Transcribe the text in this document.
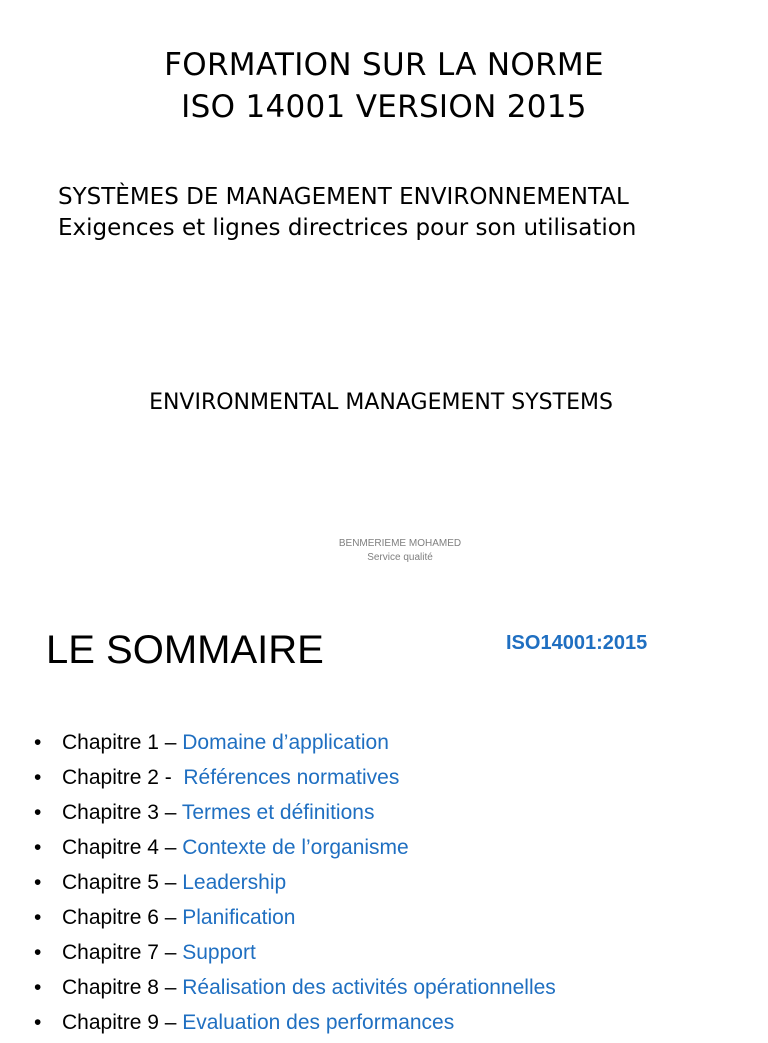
FORMATION SUR LA NORME
ISO 14001 VERSION 2015
SYSTÈMES DE MANAGEMENT ENVIRONNEMENTAL
Exigences et lignes directrices pour son utilisation
ENVIRONMENTAL MANAGEMENT SYSTEMS
BENMERIEME MOHAMED
Service qualité
LE SOMMAIRE	ISO14001:2015
• Chapitre 1 – Domaine d’application
• Chapitre 2 -  Références normatives
• Chapitre 3 – Termes et définitions
• Chapitre 4 – Contexte de l’organisme
• Chapitre 5 – Leadership
• Chapitre 6 – Planification
• Chapitre 7 – Support
• Chapitre 8 – Réalisation des activités opérationnelles
• Chapitre 9 – Evaluation des performances
